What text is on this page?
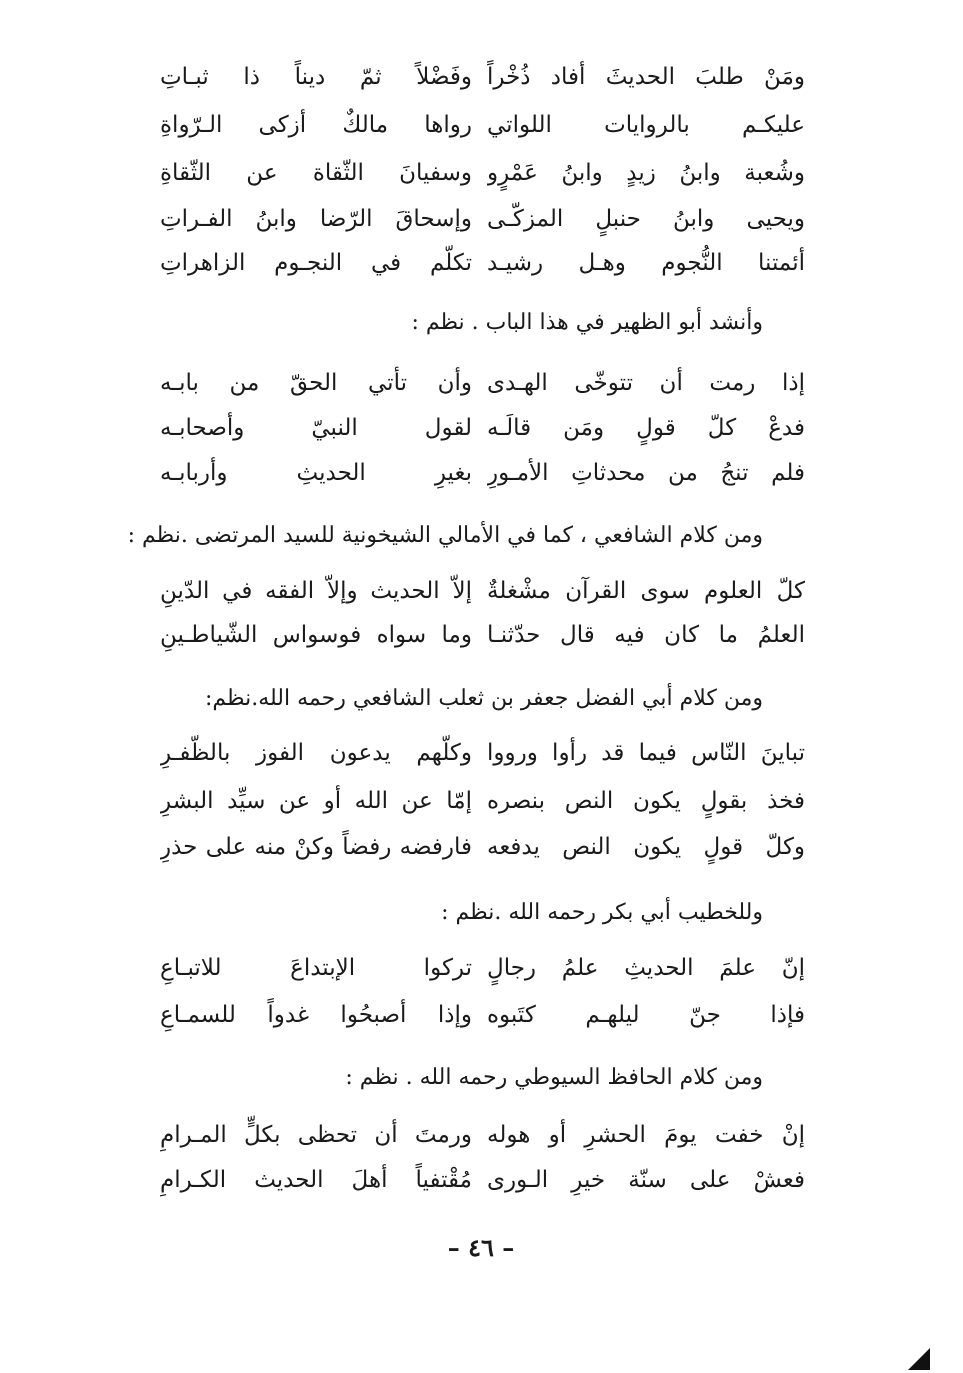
ومَنْ طلبَ الحديثَ أفاد ذُخْراً
وفَضْلاً ثمّ ديناً ذا ثبـاتِ
عليكـم بالروايات اللواتي
رواها مالكٌ أزكى الـرّواةِ
وشُعبة وابنُ زيدٍ وابنُ عَمْرٍو
وسفيانَ الثّقاة عن الثّقاةِ
ويحيى وابنُ حنبلٍ المزكّـى
وإسحاقَ الرّضا وابنُ الفـراتِ
أئمتنا النُّجوم وهـل رشيـد
تكلّم في النجـوم الزاهراتِ
وأنشد أبو الظهير في هذا الباب . نظم :
إذا رمت أن تتوخّى الهـدى
وأن تأتي الحقّ من بابـه
فدعْ كلّ قولٍ ومَن قالَـه
لقول النبيّ وأصحابـه
فلم تنجُ من محدثاتِ الأمـورِ
بغيرِ الحديثِ وأربابـه
ومن كلام الشافعي ، كما في الأمالي الشيخونية للسيد المرتضى .نظم :
كلّ العلوم سوى القرآن مشْغلةٌ
إلاّ الحديث وإلاّ الفقه في الدّينِ
العلمُ ما كان فيه قال حدّثنـا
وما سواه فوسواس الشّياطـينِ
ومن كلام أبي الفضل جعفر بن ثعلب الشافعي رحمه الله.نظم:
تباينَ النّاس فيما قد رأوا ورووا
وكلّهم يدعون الفوز بالظّفـرِ
فخذ بقولٍ يكون النص بنصره
إمّا عن الله أو عن سيِّد البشرِ
وكلّ قولٍ يكون النص يدفعه
فارفضه رفضاً وكنْ منه على حذرِ
وللخطيب أبي بكر رحمه الله .نظم :
إنّ علمَ الحديثِ علمُ رجالٍ
تركوا الإبتداعَ للاتبـاعِ
فإذا جنّ ليلهـم كتَبوه
وإذا أصبحُوا غدواً للسمـاعِ
ومن كلام الحافظ السيوطي رحمه الله . نظم :
إنْ خفت يومَ الحشرِ أو هوله
ورمتَ أن تحظى بكلٍّ المـرامِ
فعشْ على سنّة خيرِ الـورى
مُقْتفياً أهلَ الحديث الكـرامِ
– ٤٦ –
